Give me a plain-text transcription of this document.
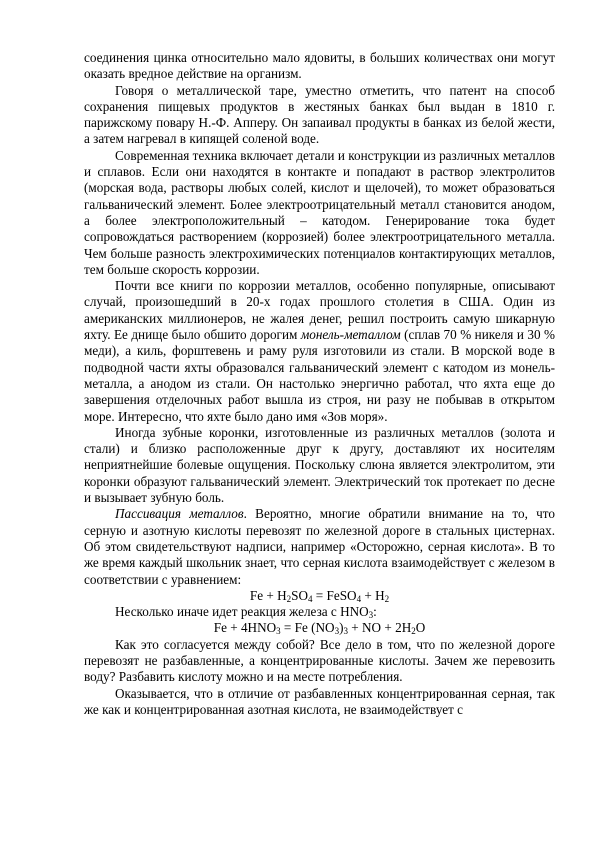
соединения цинка относительно мало ядовиты, в больших количествах они могут оказать вредное действие на организм.

Говоря о металлической таре, уместно отметить, что патент на способ сохранения пищевых продуктов в жестяных банках был выдан в 1810 г. парижскому повару Н.-Ф. Апперу. Он запаивал продукты в банках из белой жести, а затем нагревал в кипящей соленой воде.

Современная техника включает детали и конструкции из различных металлов и сплавов. Если они находятся в контакте и попадают в раствор электролитов (морская вода, растворы любых солей, кислот и щелочей), то может образоваться гальванический элемент. Более электроотрицательный металл становится анодом, а более электроположительный – катодом. Генерирование тока будет сопровождаться растворением (коррозией) более электроотрицательного металла. Чем больше разность электрохимических потенциалов контактирующих металлов, тем больше скорость коррозии.

Почти все книги по коррозии металлов, особенно популярные, описывают случай, произошедший в 20-х годах прошлого столетия в США. Один из американских миллионеров, не жалея денег, решил построить самую шикарную яхту. Ее днище было обшито дорогим монель-металлом (сплав 70 % никеля и 30 % меди), а киль, форштевень и раму руля изготовили из стали. В морской воде в подводной части яхты образовался гальванический элемент с катодом из монель-металла, а анодом из стали. Он настолько энергично работал, что яхта еще до завершения отделочных работ вышла из строя, ни разу не побывав в открытом море. Интересно, что яхте было дано имя «Зов моря».

Иногда зубные коронки, изготовленные из различных металлов (золота и стали) и близко расположенные друг к другу, доставляют их носителям неприятнейшие болевые ощущения. Поскольку слюна является электролитом, эти коронки образуют гальванический элемент. Электрический ток протекает по десне и вызывает зубную боль.

Пассивация металлов. Вероятно, многие обратили внимание на то, что серную и азотную кислоты перевозят по железной дороге в стальных цистернах. Об этом свидетельствуют надписи, например «Осторожно, серная кислота». В то же время каждый школьник знает, что серная кислота взаимодействует с железом в соответствии с уравнением:

$Fe + H_2SO_4$ = FeSO$_4$ + $H_2$

Несколько иначе идет реакция железа с $HNO_3$:

$Fe + 4HNO_3 = Fe$ $(NO_3)_3$ + NO + $2H_2O$

Как это согласуется между собой? Все дело в том, что по железной дороге перевозят не разбавленные, а концентрированные кислоты. Зачем же перевозить воду? Разбавить кислоту можно и на месте потребления.

Оказывается, что в отличие от разбавленных концентрированная серная, так же как и концентрированная азотная кислота, не взаимодействует с
